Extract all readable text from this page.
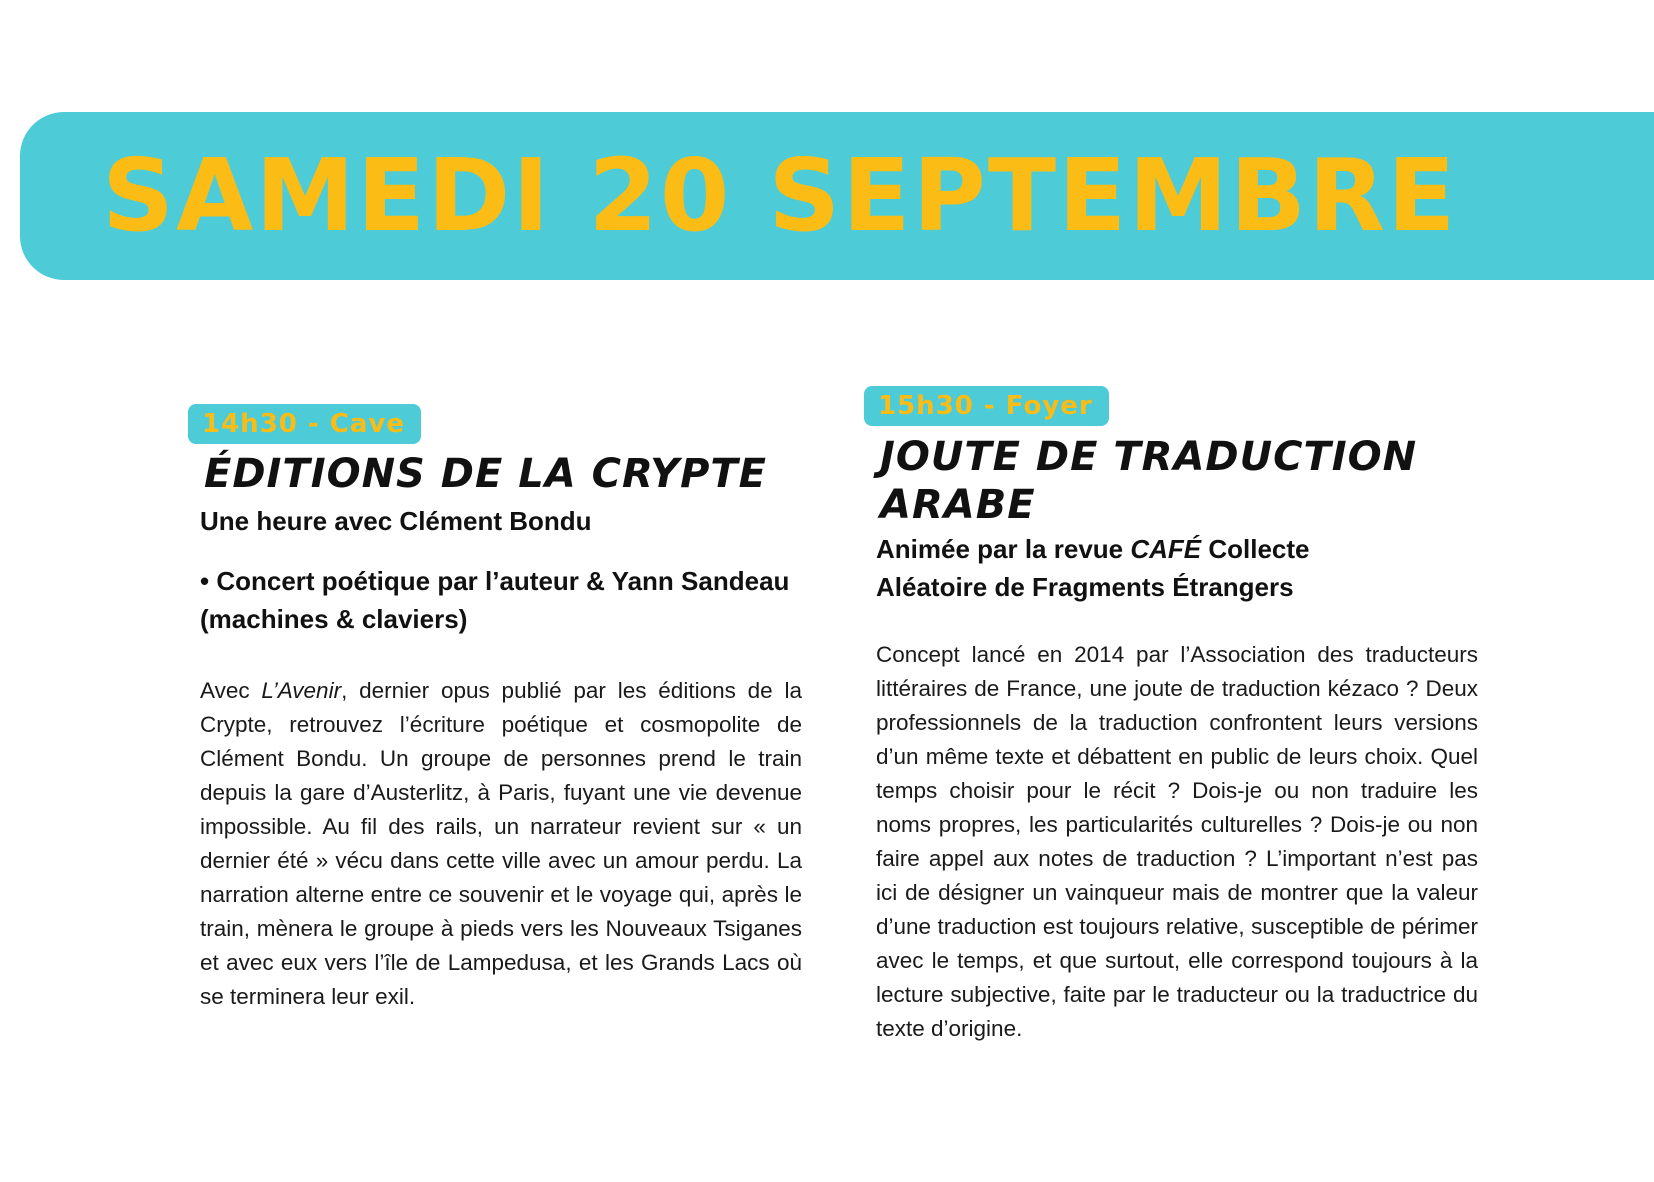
SAMEDI 20 SEPTEMBRE
14h30 - Cave
ÉDITIONS DE LA CRYPTE

Une heure avec Clément Bondu

• Concert poétique par l’auteur & Yann Sandeau (machines & claviers)

Avec L’Avenir, dernier opus publié par les éditions de la Crypte, retrouvez l’écriture poétique et cosmopolite de Clément Bondu. Un groupe de personnes prend le train depuis la gare d’Austerlitz, à Paris, fuyant une vie devenue impossible. Au fil des rails, un narrateur revient sur « un dernier été » vécu dans cette ville avec un amour perdu. La narration alterne entre ce souvenir et le voyage qui, après le train, mènera le groupe à pieds vers les Nouveaux Tsiganes et avec eux vers l’île de Lampedusa, et les Grands Lacs où se terminera leur exil.

15h30 - Foyer
JOUTE DE TRADUCTION ARABE

Animée par la revue CAFÉ Collecte Aléatoire de Fragments Étrangers

Concept lancé en 2014 par l’Association des traducteurs littéraires de France, une joute de traduction kézaco ? Deux professionnels de la traduction confrontent leurs versions d’un même texte et débattent en public de leurs choix. Quel temps choisir pour le récit ? Dois-je ou non traduire les noms propres, les particularités culturelles ? Dois-je ou non faire appel aux notes de traduction ? L’important n’est pas ici de désigner un vainqueur mais de montrer que la valeur d’une traduction est toujours relative, susceptible de périmer avec le temps, et que surtout, elle correspond toujours à la lecture subjective, faite par le traducteur ou la traductrice du texte d’origine.
